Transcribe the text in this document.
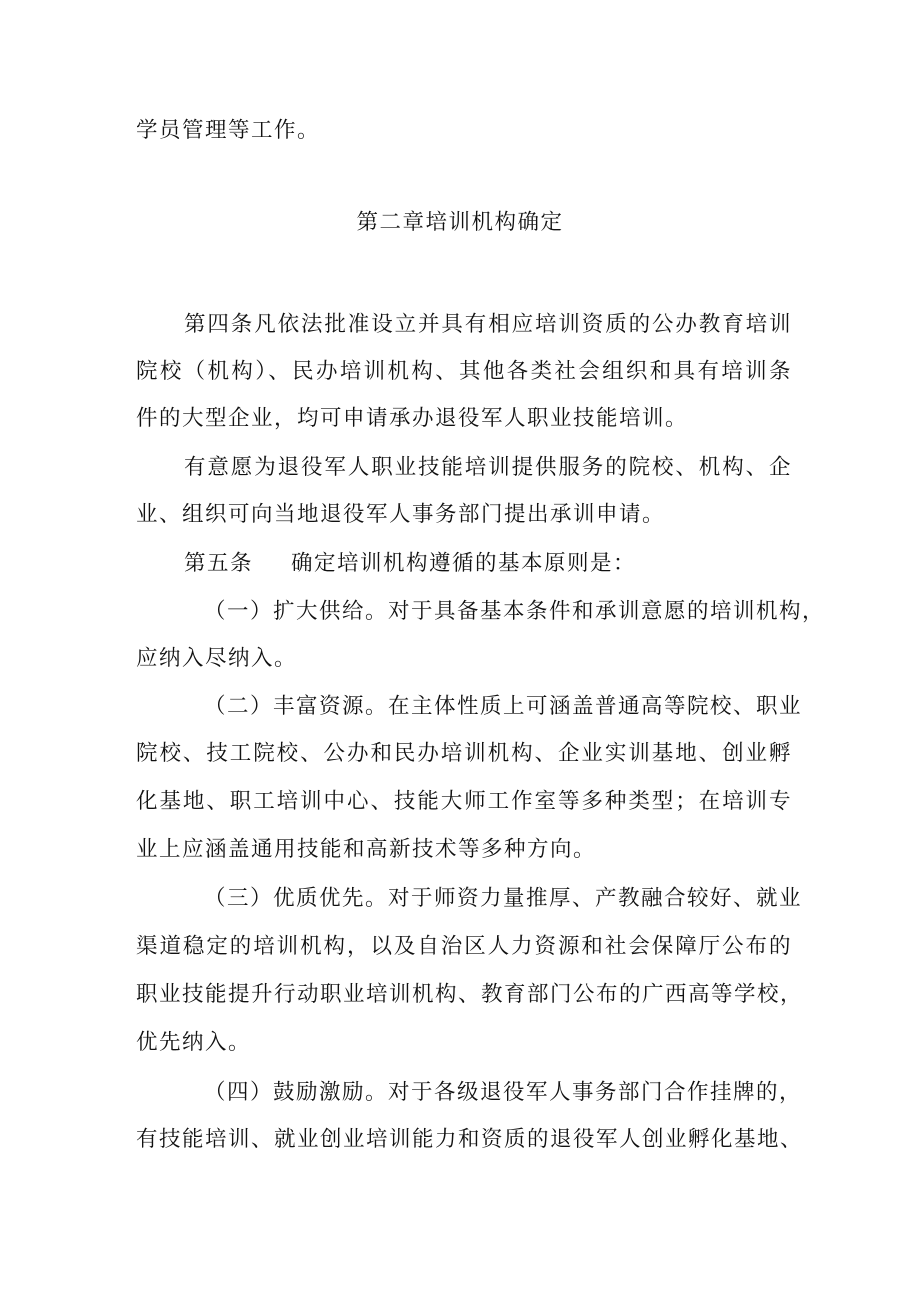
学员管理等工作。
第二章培训机构确定
第四条凡依法批准设立并具有相应培训资质的公办教育培训
院校（机构）、民办培训机构、其他各类社会组织和具有培训条
件的大型企业，均可申请承办退役军人职业技能培训。
有意愿为退役军人职业技能培训提供服务的院校、机构、企
业、组织可向当地退役军人事务部门提出承训申请。
第五条 确定培训机构遵循的基本原则是：
（一）扩大供给。对于具备基本条件和承训意愿的培训机构，
应纳入尽纳入。
（二）丰富资源。在主体性质上可涵盖普通高等院校、职业
院校、技工院校、公办和民办培训机构、企业实训基地、创业孵
化基地、职工培训中心、技能大师工作室等多种类型；在培训专
业上应涵盖通用技能和高新技术等多种方向。
（三）优质优先。对于师资力量推厚、产教融合较好、就业
渠道稳定的培训机构，以及自治区人力资源和社会保障厅公布的
职业技能提升行动职业培训机构、教育部门公布的广西高等学校，
优先纳入。
（四）鼓励激励。对于各级退役军人事务部门合作挂牌的，
有技能培训、就业创业培训能力和资质的退役军人创业孵化基地、
